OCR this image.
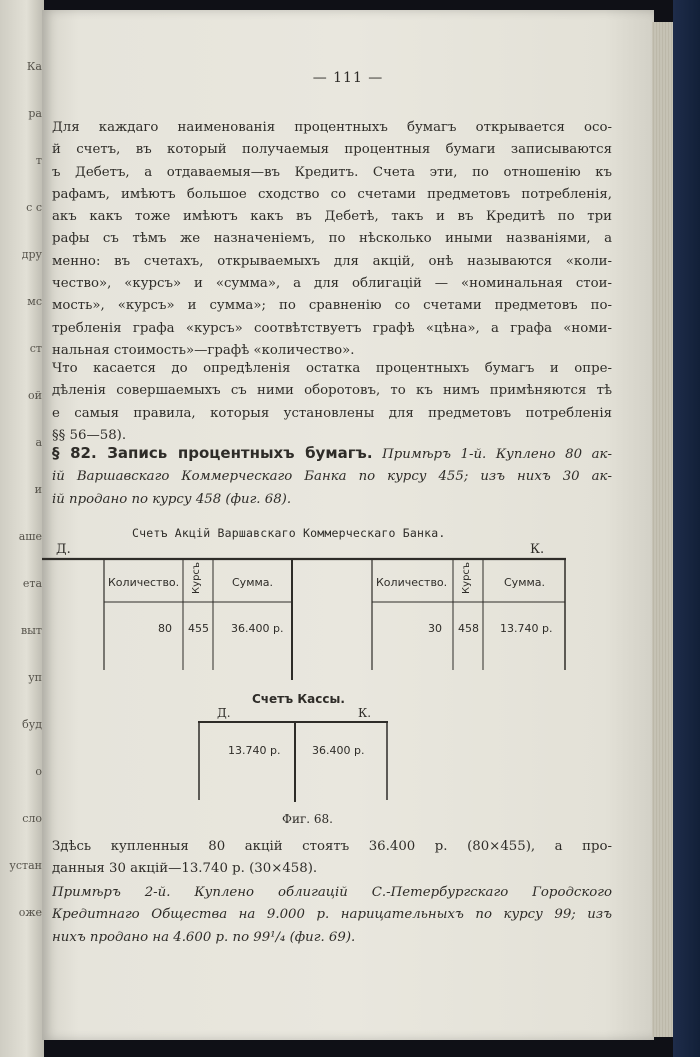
Ка
ра
т
с с
дру
мс
ст
ой
а
и
аше
ета
выт
уп
буд
о
сло
устан
оже
— 111 —
Для каждаго наименованія процентныхъ бумагъ открывается осо-
й счетъ, въ который получаемыя процентныя бумаги записываются
ъ Дебетъ, а отдаваемыя—въ Кредитъ. Счета эти, по отношенію къ
рафамъ, имѣютъ большое сходство со счетами предметовъ потребленія,
акъ какъ тоже имѣютъ какъ въ Дебетѣ, такъ и въ Кредитѣ по три
рафы съ тѣмъ же назначеніемъ, по нѣсколько иными названіями, а
менно: въ счетахъ, открываемыхъ для акцій, онѣ называются «коли-
чество», «курсъ» и «сумма», а для облигацій — «номинальная стои-
мость», «курсъ» и сумма»; по сравненію со счетами предметовъ по-
требленія графа «курсъ» соотвѣтствуетъ графѣ «цѣна», а графа «номи-
нальная стоимость»—графѣ «количество».
Что касается до опредѣленія остатка процентныхъ бумагъ и опре-
дѣленія совершаемыхъ съ ними оборотовъ, то къ нимъ примѣняются тѣ
е самыя правила, которыя установлены для предметовъ потребленія
§§ 56—58).
§ 82. Запись процентныхъ бумагъ. Примѣръ 1-й. Куплено 80 ак-
ій Варшавскаго Коммерческаго Банка по курсу 455; изъ нихъ 30 ак-
ій продано по курсу 458 (фиг. 68).
Счетъ Акцій Варшавскаго Коммерческаго Банка.
Д.	К.
Количество. Курсъ	Сумма.	Количество. Курсъ	Сумма.
80 455 36.400 р.	30 458 13.740 р.
Счетъ Кассы.
Д.	К.
13.740 р.	36.400 р.
Фиг. 68.
Здѣсь купленныя 80 акцій стоятъ 36.400 р. (80×455), а про-
данныя 30 акцій—13.740 р. (30×458).
Примѣръ 2-й. Куплено облигацій С.-Петербургскаго Городского
Кредитнаго Общества на 9.000 р. нарицательныхъ по курсу 99; изъ
нихъ продано на 4.600 р. по 99¹/₄ (фиг. 69).
